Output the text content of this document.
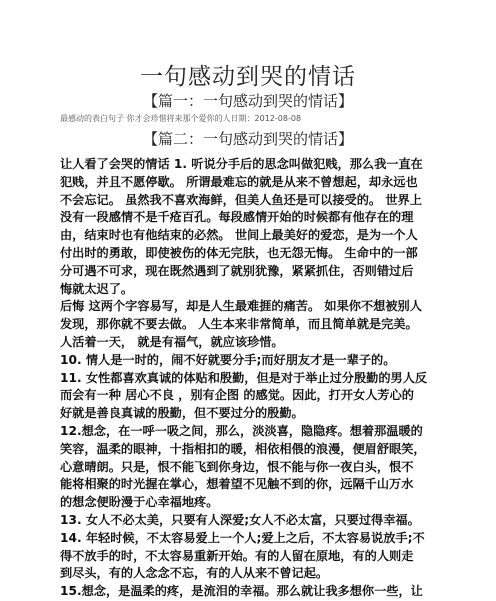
一句感动到哭的情话
【篇一：一句感动到哭的情话】
最感动的表白句子 你才会珍惜将来那个爱你的人日期：2012-08-08
【篇二：一句感动到哭的情话】
让人看了会哭的情话 1. 听说分手后的思念叫做犯贱，那么我一直在
犯贱，并且不愿停歇。 所谓最难忘的就是从来不曾想起，却永远也
不会忘记。 虽然我不喜欢海鲜，但美人鱼还是可以接受的。 世界上
没有一段感情不是千疮百孔。每段感情开始的时候都有他存在的理
由，结束时也有他结束的必然。 世间上最美好的爱恋，是为一个人
付出时的勇敢，即使被伤的体无完肤，也无怨无悔。 生命中的一部
分可遇不可求，现在既然遇到了就别犹豫，紧紧抓住，否则错过后
悔就太迟了。
后悔 这两个字容易写，却是人生最难捱的痛苦。 如果你不想被别人
发现，那你就不要去做。 人生本来非常简单，而且简单就是完美。
人活着一天， 就是有福气，就应该珍惜。
10. 情人是一时的，闹不好就要分手;而好朋友才是一辈子的。
11. 女性都喜欢真诚的体贴和殷勤，但是对于举止过分殷勤的男人反
而会有一种 居心不良 ，别有企图 的感觉。因此，打开女人芳心的
好就是善良真诚的殷勤，但不要过分的殷勤。
12.想念，在一呼一吸之间，那么，淡淡喜，隐隐疼。想着那温暖的
笑容，温柔的眼神，十指相扣的暖，相依相偎的浪漫，便眉舒眼笑，
心意晴朗。只是，恨不能飞到你身边，恨不能与你一夜白头，恨不
能将相聚的时光握在掌心，想着望不见触不到的你，远隔千山万水
的想念便盼漫于心幸福地疼。
13. 女人不必太美，只要有人深爱;女人不必太富，只要过得幸福。
14. 年轻时候，不太容易爱上一个人;爱上之后，不太容易说放手;不
得不放手的时，不太容易重新开始。有的人留在原地，有的人则走
到尽头，有的人念念不忘，有的人从来不曾记起。
15.想念，是温柔的疼，是流泪的幸福。那么就让我多想你一些，让
